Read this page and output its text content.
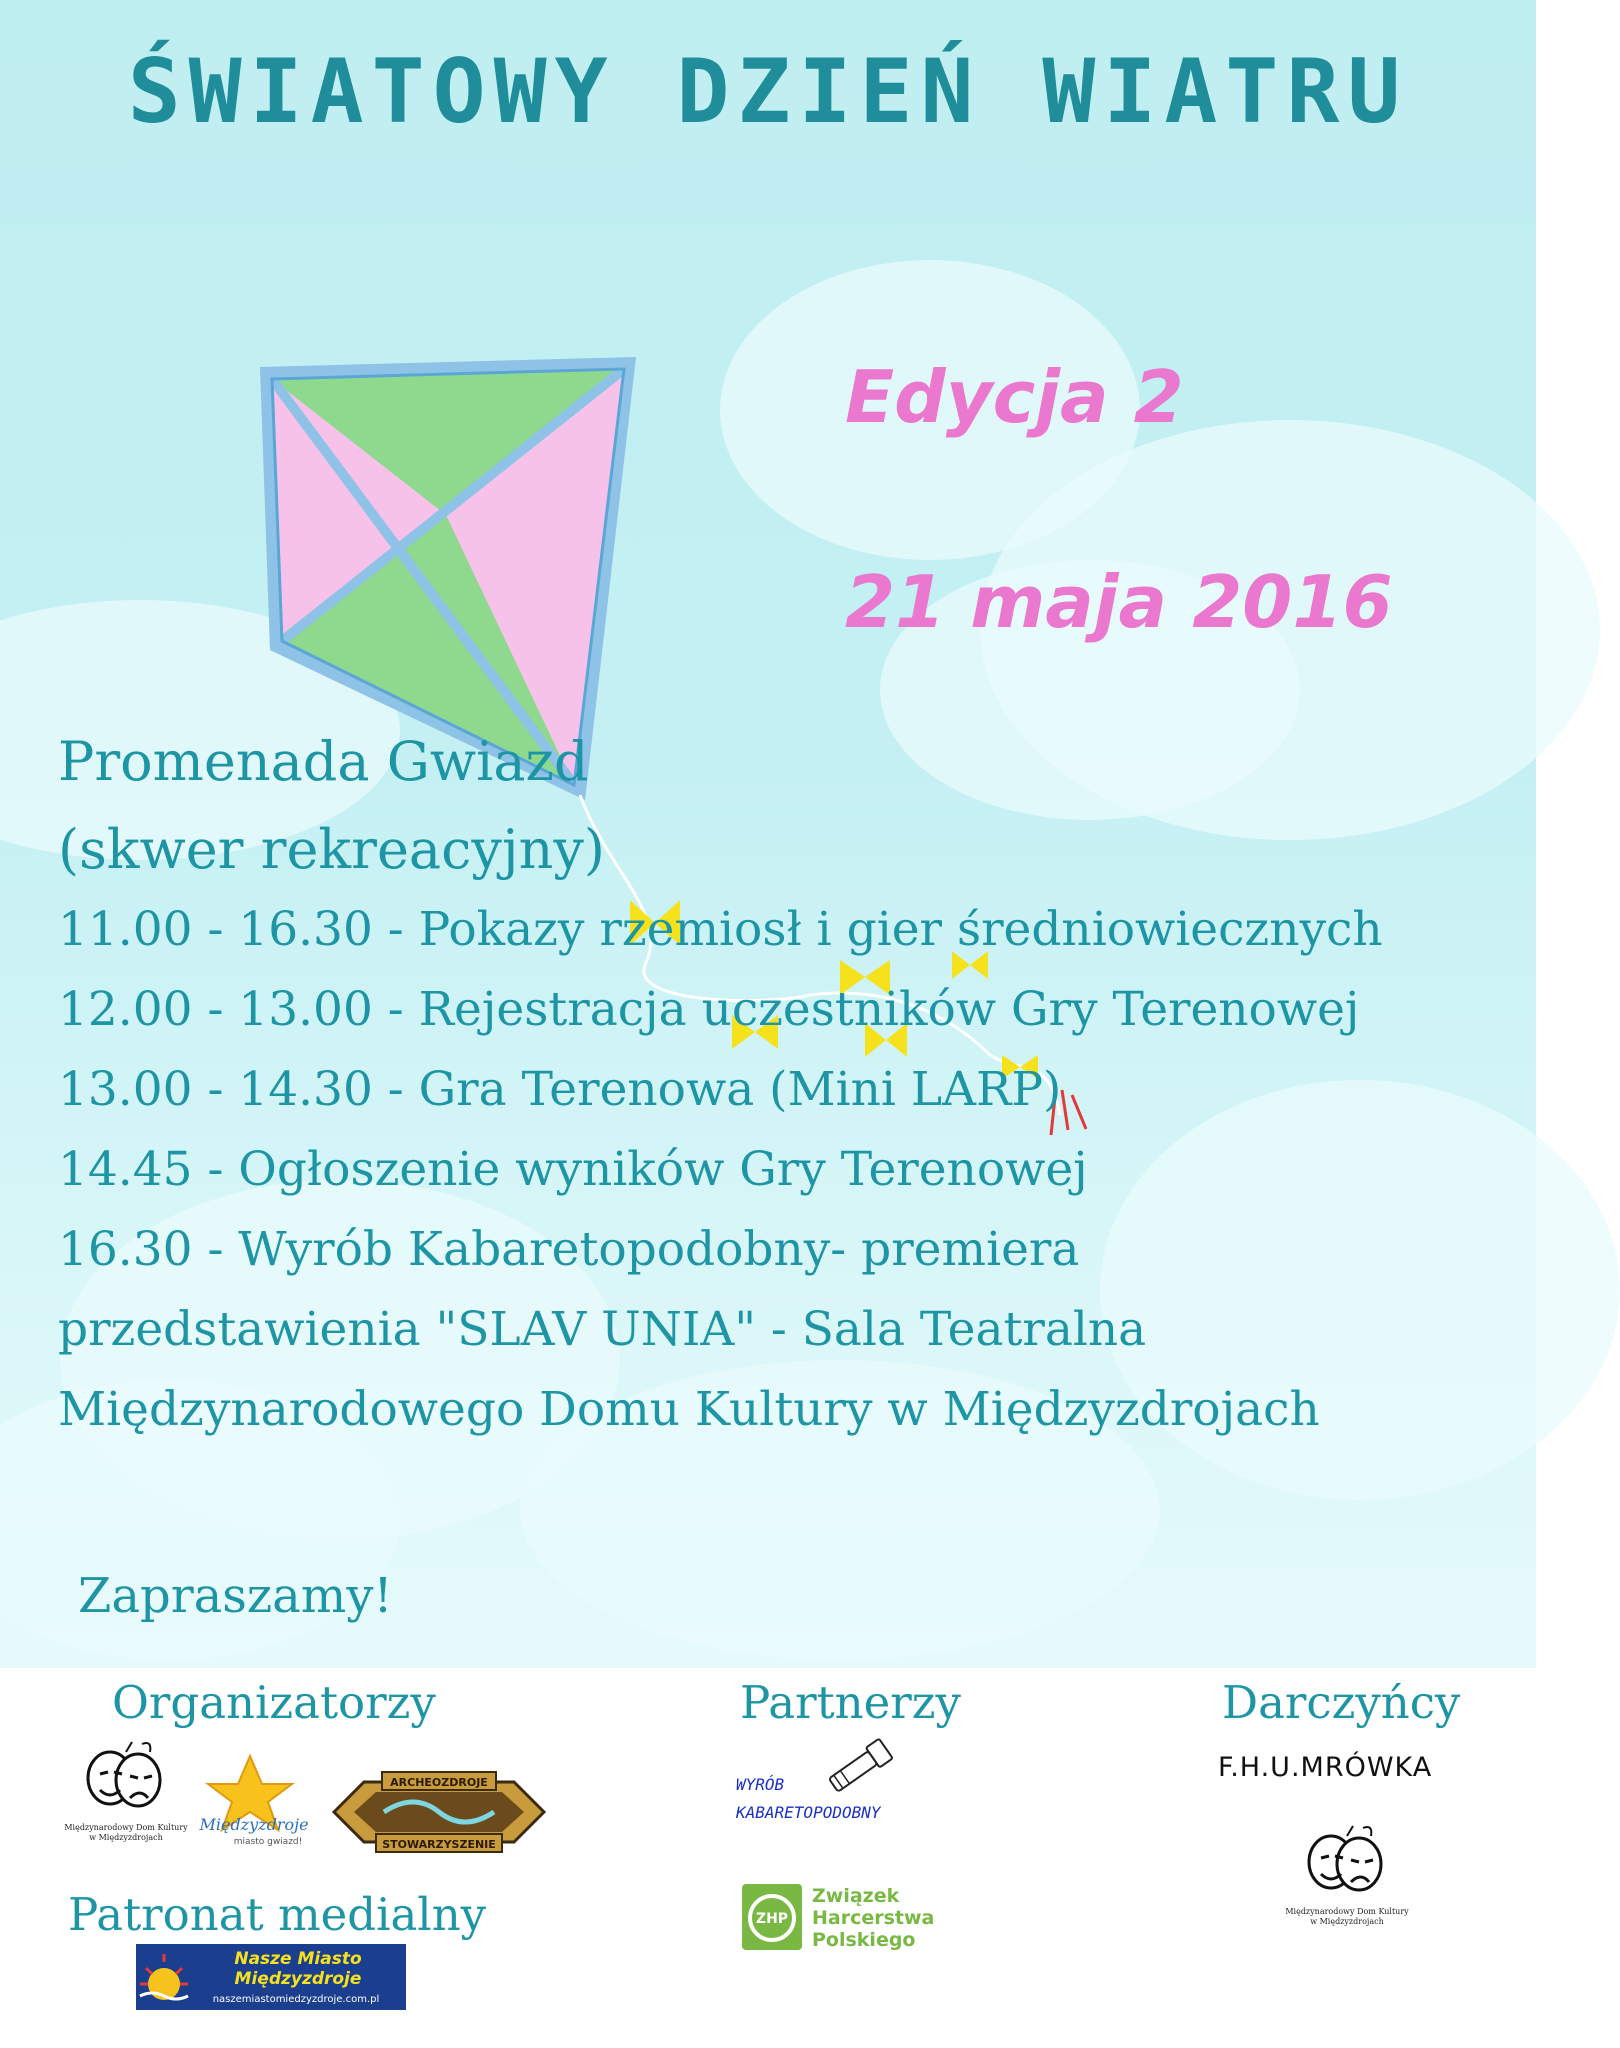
ŚWIATOWY DZIEŃ WIATRU
Edycja 2
21 maja 2016
Promenada Gwiazd
(skwer rekreacyjny)
11.00 - 16.30 - Pokazy rzemiosł i gier średniowiecznych
12.00 - 13.00 - Rejestracja uczestników Gry Terenowej
13.00 - 14.30 - Gra Terenowa (Mini LARP)
14.45 - Ogłoszenie wyników Gry Terenowej
16.30 - Wyrób Kabaretopodobny- premiera
przedstawienia "SLAV UNIA" - Sala Teatralna
Międzynarodowego Domu Kultury w Międzyzdrojach
Zapraszamy!
Organizatorzy	Partnerzy	Darczyńcy
Patronat medialny
Międzynarodowy Dom Kultury
w Międzyzdrojach
Międzyzdroje
miasto gwiazd!
ARCHEOZDROJE
STOWARZYSZENIE
WYRÓB
KABARETOPODOBNY
ZHP
Związek
Harcerstwa
Polskiego
F.H.U.MRÓWKA
Międzynarodowy Dom Kultury
w Międzyzdrojach
Nasze Miasto
Międzyzdroje
naszemiastomiedzyzdroje.com.pl
